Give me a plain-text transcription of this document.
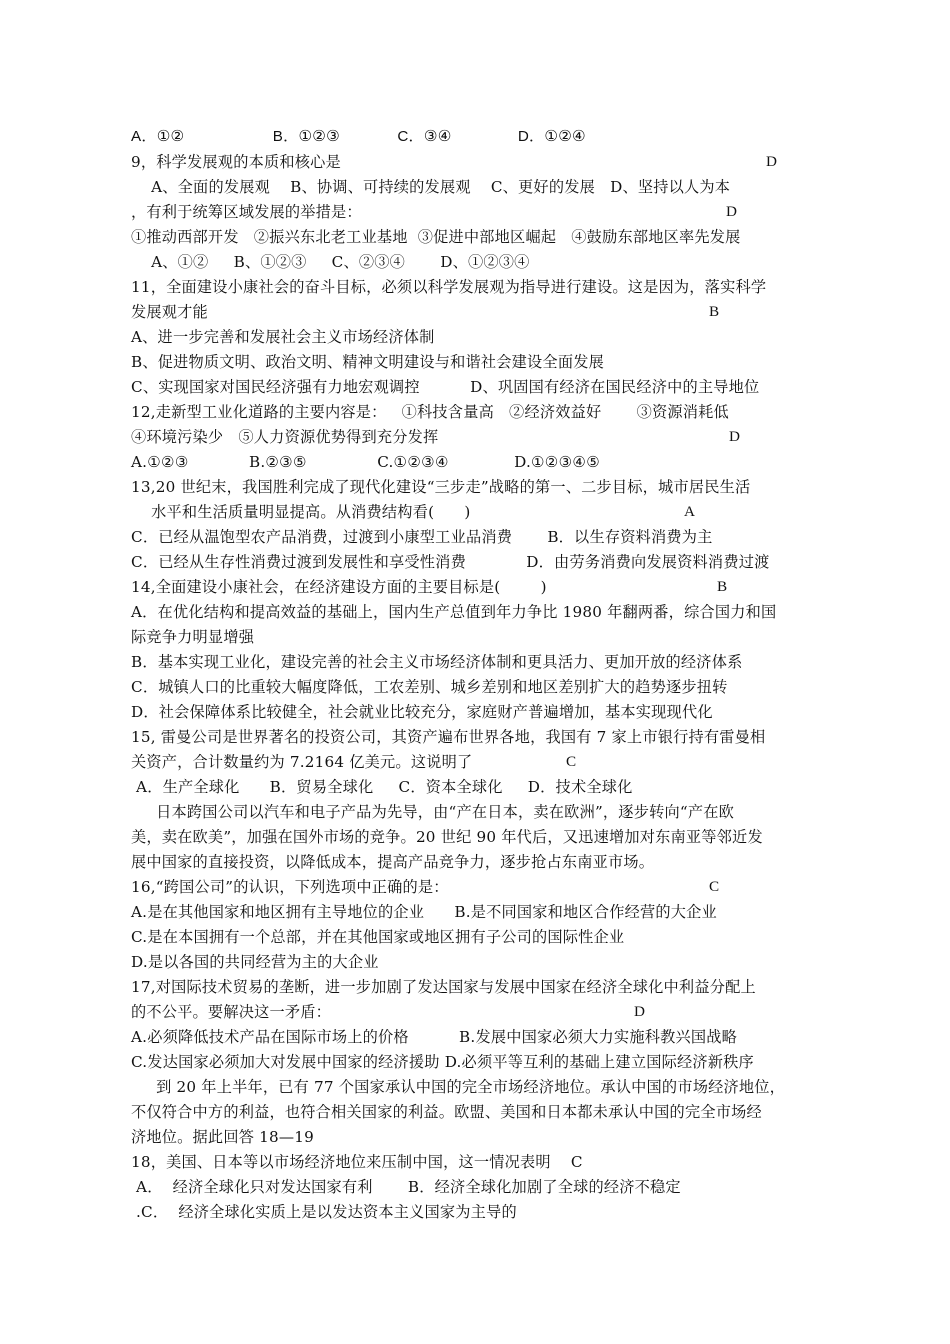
A．①②                    B．①②③             C．③④               D．①②④
9，科学发展观的本质和核心是	D
A、全面的发展观    B、协调、可持续的发展观    C、更好的发展   D、坚持以人为本
，有利于统筹区域发展的举措是：	D
①推动西部开发   ②振兴东北老工业基地  ③促进中部地区崛起   ④鼓励东部地区率先发展
A、①②     B、①②③     C、②③④       D、①②③④
11，全面建设小康社会的奋斗目标，必须以科学发展观为指导进行建设。这是因为，落实科学
发展观才能	B
A、进一步完善和发展社会主义市场经济体制
B、促进物质文明、政治文明、精神文明建设与和谐社会建设全面发展
C、实现国家对国民经济强有力地宏观调控          D、巩固国有经济在国民经济中的主导地位
12,走新型工业化道路的主要内容是：   ①科技含量高   ②经济效益好       ③资源消耗低
④环境污染少   ⑤人力资源优势得到充分发挥	D
A.①②③            B.②③⑤              C.①②③④             D.①②③④⑤
13,20 世纪末，我国胜利完成了现代化建设“三步走”战略的第一、二步目标，城市居民生活
水平和生活质量明显提高。从消费结构看(      )	A
C．已经从温饱型农产品消费，过渡到小康型工业品消费       B．以生存资料消费为主
C．已经从生存性消费过渡到发展性和享受性消费            D．由劳务消费向发展资料消费过渡
14,全面建设小康社会，在经济建设方面的主要目标是(        )	B
A．在优化结构和提高效益的基础上，国内生产总值到年力争比 1980 年翻两番，综合国力和国
际竞争力明显增强
B．基本实现工业化，建设完善的社会主义市场经济体制和更具活力、更加开放的经济体系
C．城镇人口的比重较大幅度降低，工农差别、城乡差别和地区差别扩大的趋势逐步扭转
D．社会保障体系比较健全，社会就业比较充分，家庭财产普遍增加，基本实现现代化
15, 雷曼公司是世界著名的投资公司，其资产遍布世界各地，我国有 7 家上市银行持有雷曼相
关资产，合计数量约为 7.2164 亿美元。这说明了	C
A．生产全球化      B．贸易全球化     C．资本全球化     D．技术全球化
日本跨国公司以汽车和电子产品为先导，由“产在日本，卖在欧洲”，逐步转向“产在欧
美，卖在欧美”，加强在国外市场的竞争。20 世纪 90 年代后，又迅速增加对东南亚等邻近发
展中国家的直接投资，以降低成本，提高产品竞争力，逐步抢占东南亚市场。
16,“跨国公司”的认识，下列选项中正确的是：	C
A.是在其他国家和地区拥有主导地位的企业      B.是不同国家和地区合作经营的大企业
C.是在本国拥有一个总部，并在其他国家或地区拥有子公司的国际性企业
D.是以各国的共同经营为主的大企业
17,对国际技术贸易的垄断，进一步加剧了发达国家与发展中国家在经济全球化中利益分配上
的不公平。要解决这一矛盾：	D
A.必须降低技术产品在国际市场上的价格          B.发展中国家必须大力实施科教兴国战略
C.发达国家必须加大对发展中国家的经济援助 D.必须平等互利的基础上建立国际经济新秩序
到 20 年上半年，已有 77 个国家承认中国的完全市场经济地位。承认中国的市场经济地位，
不仅符合中方的利益，也符合相关国家的利益。欧盟、美国和日本都未承认中国的完全市场经
济地位。据此回答 18—19
18，美国、日本等以市场经济地位来压制中国，这一情况表明    C
A．  经济全球化只对发达国家有利       B．经济全球化加剧了全球的经济不稳定
.C．  经济全球化实质上是以发达资本主义国家为主导的
